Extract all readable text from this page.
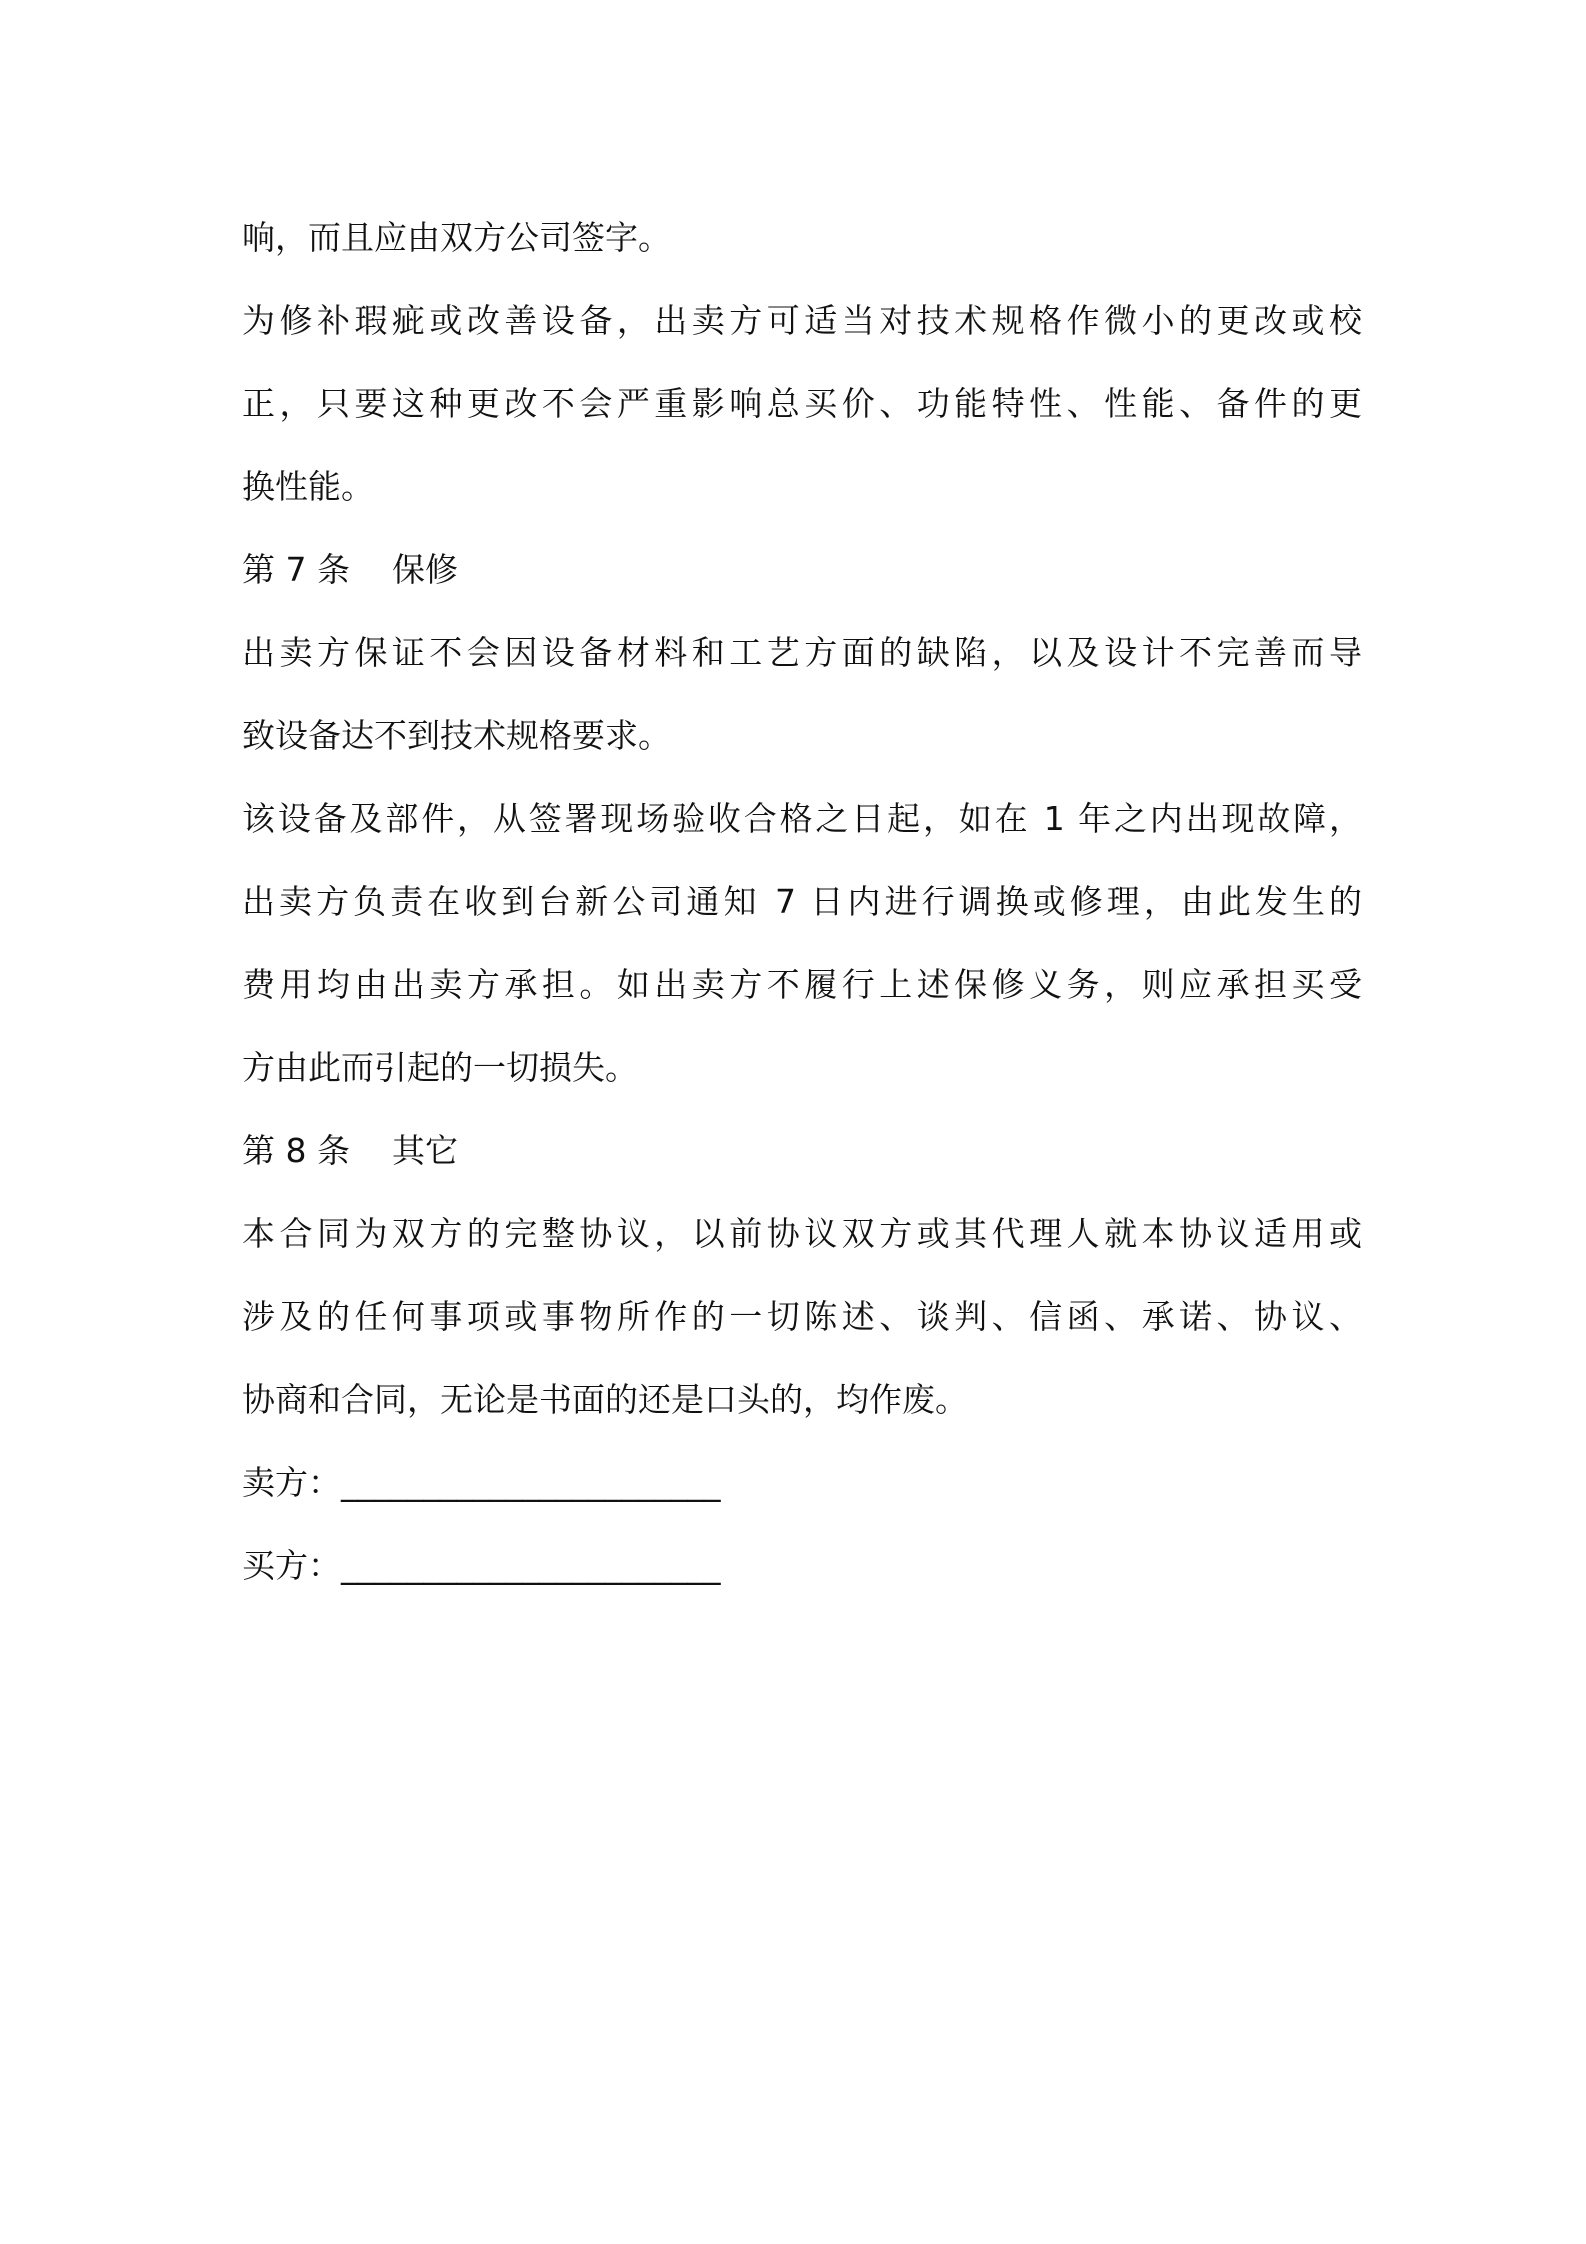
响，而且应由双方公司签字。
为修补瑕疵或改善设备，出卖方可适当对技术规格作微小的更改或校
正，只要这种更改不会严重影响总买价、功能特性、性能、备件的更
换性能。
第 7 条 保修
出卖方保证不会因设备材料和工艺方面的缺陷，以及设计不完善而导
致设备达不到技术规格要求。
该设备及部件，从签署现场验收合格之日起，如在 1 年之内出现故障，
出卖方负责在收到台新公司通知 7 日内进行调换或修理，由此发生的
费用均由出卖方承担。如出卖方不履行上述保修义务，则应承担买受
方由此而引起的一切损失。
第 8 条 其它
本合同为双方的完整协议，以前协议双方或其代理人就本协议适用或
涉及的任何事项或事物所作的一切陈述、谈判、信函、承诺、协议、
协商和合同，无论是书面的还是口头的，均作废。
卖方：_______________________
买方：_______________________
